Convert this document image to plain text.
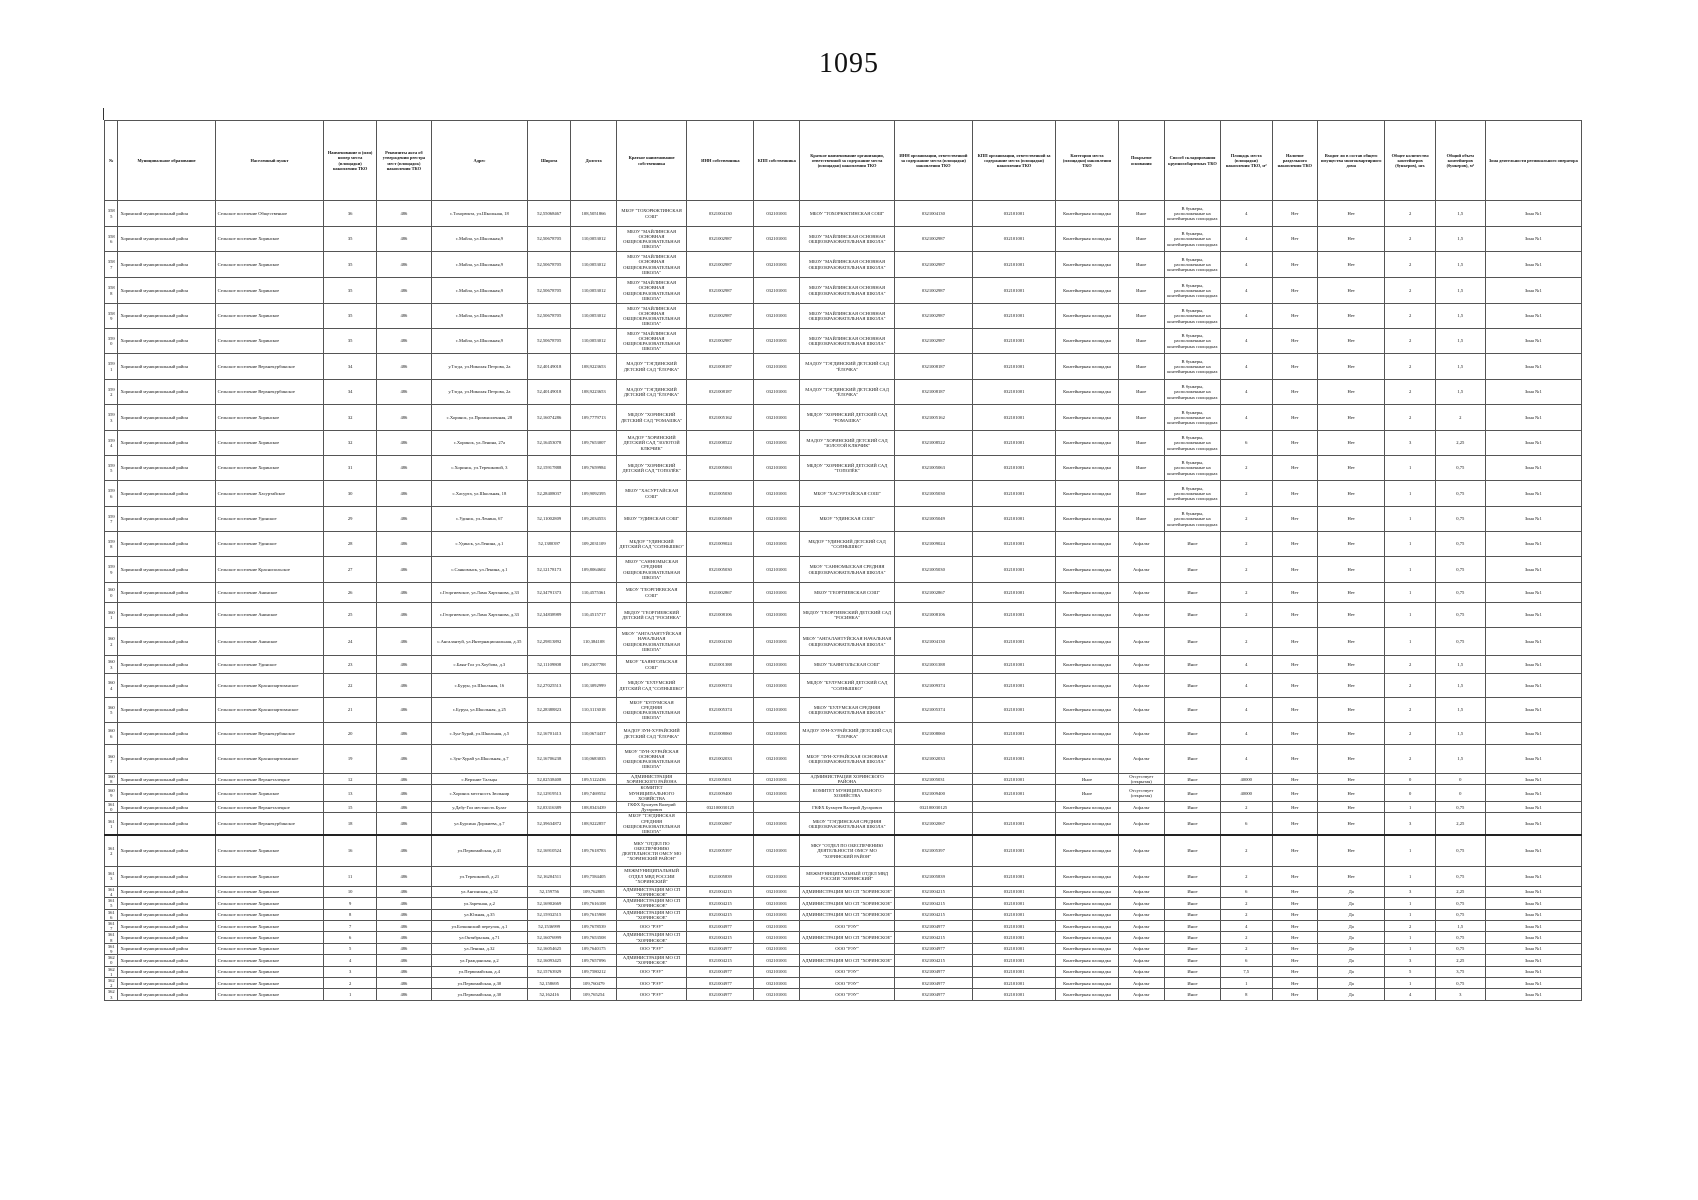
1095
№	Муниципальное образование	Населенный пункт	Наименование и (или) номер места (площадки) накопления ТКО	Реквизиты акта об утверждении реестра мест (площадок) накопления ТКО	Адрес	Широта	Долгота	Краткое наименование собственника	ИНН собственника	КПП собственника	Краткое наименование организации, ответственной за содержание места (площадки) накопления ТКО	ИНН организации, ответственной за содержание места (площадки) накопления ТКО	КПП организации, ответственной за содержание места (площадки) накопления ТКО	Категория места (площадки) накопления ТКО	Покрытие основания	Способ складирования крупногабаритных ТКО	Площадь места (площадки) накопления ТКО, м²	Наличие раздельного накопления ТКО	Входит ли в состав общего имущества многоквартирного дома	Общее количество контейнеров (бункеров), шт.	Общий объем контейнеров (бункеров), м³	Зона деятельности регионального оператора
3585	Хоринский муниципальный район	Сельское поселение Общественное	36	486	с.Тохорюкта, ул.Школьная, 18	52,55068467	108,5051866	МБОУ "ТОХОРЮКТИНСКАЯ СОШ"	0321004130	032101001	МБОУ "ТОХОРЮКТИНСКАЯ СОШ"	0321004130	032101001	Контейнерная площадка	Иное	В бункеры, расположенные на контейнерных площадках	4	Нет	Нет	2	1,5	Зона №1
3586	Хоринский муниципальный район	Сельское поселение Хоринское	35	486	с.Майла, ул.Школьная,9	52,50678705	110,0053012	МБОУ "МАЙЛИНСКАЯ ОСНОВНАЯ ОБЩЕОБРАЗОВАТЕЛЬНАЯ ШКОЛА"	0321002987	032101001	МБОУ "МАЙЛИНСКАЯ ОСНОВНАЯ ОБЩЕОБРАЗОВАТЕЛЬНАЯ ШКОЛА"	0321002987	032101001	Контейнерная площадка	Иное	В бункеры, расположенные на контейнерных площадках	4	Нет	Нет	2	1,5	Зона №1
3587	Хоринский муниципальный район	Сельское поселение Хоринское	35	486	с.Майла, ул.Школьная,9	52,50678705	110,0053012	МБОУ "МАЙЛИНСКАЯ ОСНОВНАЯ ОБЩЕОБРАЗОВАТЕЛЬНАЯ ШКОЛА"	0321002987	032101001	МБОУ "МАЙЛИНСКАЯ ОСНОВНАЯ ОБЩЕОБРАЗОВАТЕЛЬНАЯ ШКОЛА"	0321002987	032101001	Контейнерная площадка	Иное	В бункеры, расположенные на контейнерных площадках	4	Нет	Нет	2	1,5	Зона №1
3588	Хоринский муниципальный район	Сельское поселение Хоринское	35	486	с.Майла, ул.Школьная,9	52,50678705	110,0053012	МБОУ "МАЙЛИНСКАЯ ОСНОВНАЯ ОБЩЕОБРАЗОВАТЕЛЬНАЯ ШКОЛА"	0321002987	032101001	МБОУ "МАЙЛИНСКАЯ ОСНОВНАЯ ОБЩЕОБРАЗОВАТЕЛЬНАЯ ШКОЛА"	0321002987	032101001	Контейнерная площадка	Иное	В бункеры, расположенные на контейнерных площадках	4	Нет	Нет	2	1,5	Зона №1
3589	Хоринский муниципальный район	Сельское поселение Хоринское	35	486	с.Майла, ул.Школьная,9	52,50678705	110,0053012	МБОУ "МАЙЛИНСКАЯ ОСНОВНАЯ ОБЩЕОБРАЗОВАТЕЛЬНАЯ ШКОЛА"	0321002987	032101001	МБОУ "МАЙЛИНСКАЯ ОСНОВНАЯ ОБЩЕОБРАЗОВАТЕЛЬНАЯ ШКОЛА"	0321002987	032101001	Контейнерная площадка	Иное	В бункеры, расположенные на контейнерных площадках	4	Нет	Нет	2	1,5	Зона №1
3590	Хоринский муниципальный район	Сельское поселение Хоринское	35	486	с.Майла, ул.Школьная,9	52,50678705	110,0053012	МБОУ "МАЙЛИНСКАЯ ОСНОВНАЯ ОБЩЕОБРАЗОВАТЕЛЬНАЯ ШКОЛА"	0321002987	032101001	МБОУ "МАЙЛИНСКАЯ ОСНОВНАЯ ОБЩЕОБРАЗОВАТЕЛЬНАЯ ШКОЛА"	0321002987	032101001	Контейнерная площадка	Иное	В бункеры, расположенные на контейнерных площадках	4	Нет	Нет	2	1,5	Зона №1
3591	Хоринский муниципальный район	Сельское поселение Верхнекурбинское	34	486	у.Тэгда, ул.Николая Петрова, 2а	52,40149018	108,9223653	МАДОУ "ТЭГДИНСКИЙ ДЕТСКИЙ САД "ЁЛОЧКА"	0321008187	032101001	МАДОУ "ТЭГДИНСКИЙ ДЕТСКИЙ САД "ЁЛОЧКА"	0321008187	032101001	Контейнерная площадка	Иное	В бункеры, расположенные на контейнерных площадках	4	Нет	Нет	2	1,5	Зона №1
3592	Хоринский муниципальный район	Сельское поселение Верхнекурбинское	34	486	у.Тэгда, ул.Николая Петрова, 2а	52,40149018	108,9223653	МАДОУ "ТЭГДИНСКИЙ ДЕТСКИЙ САД "ЁЛОЧКА"	0321008187	032101001	МАДОУ "ТЭГДИНСКИЙ ДЕТСКИЙ САД "ЁЛОЧКА"	0321008187	032101001	Контейнерная площадка	Иное	В бункеры, расположенные на контейнерных площадках	4	Нет	Нет	2	1,5	Зона №1
3593	Хоринский муниципальный район	Сельское поселение Хоринское	32	486	с.Хоринск, ул.Промышленная, 28	52,16074286	109,7779713	МБДОУ "ХОРИНСКИЙ ДЕТСКИЙ САД "РОМАШКА"	0321005162	032101001	МБДОУ "ХОРИНСКИЙ ДЕТСКИЙ САД "РОМАШКА"	0321005162	032101001	Контейнерная площадка	Иное	В бункеры, расположенные на контейнерных площадках	4	Нет	Нет	2	2	Зона №1
3594	Хоринский муниципальный район	Сельское поселение Хоринское	32	486	с.Хоринск, ул.Ленина, 27а	52,16453078	109,7653007	МАДОУ "ХОРИНСКИЙ ДЕТСКИЙ САД "ЗОЛОТОЙ КЛЮЧИК"	0321008522	032101001	МАДОУ "ХОРИНСКИЙ ДЕТСКИЙ САД "ЗОЛОТОЙ КЛЮЧИК"	0321008522	032101001	Контейнерная площадка	Иное	В бункеры, расположенные на контейнерных площадках	6	Нет	Нет	3	2,25	Зона №1
3595	Хоринский муниципальный район	Сельское поселение Хоринское	31	486	с.Хоринск, ул.Терешковой, 3	52,15917888	109,7659984	МБДОУ "ХОРИНСКИЙ ДЕТСКИЙ САД "ТОПОЛЁК"	0321005063	032101001	МБДОУ "ХОРИНСКИЙ ДЕТСКИЙ САД "ТОПОЛЁК"	0321005063	032101001	Контейнерная площадка	Иное	В бункеры, расположенные на контейнерных площадках	2	Нет	Нет	1	0,75	Зона №1
3596	Хоринский муниципальный район	Сельское поселение Хасуртайское	30	486	с.Хасурта, ул.Школьная, 18	52,28408037	109,9092395	МБОУ "ХАСУРТАЙСКАЯ СОШ"	0321005030	032101001	МБОУ "ХАСУРТАЙСКАЯ СОШ"	0321005030	032101001	Контейнерная площадка	Иное	В бункеры, расположенные на контейнерных площадках	2	Нет	Нет	1	0,75	Зона №1
3597	Хоринский муниципальный район	Сельское поселение Удинское	29	486	с.Удинск, ул.Ленина, 67	52,11002809	109,2034553	МБОУ "УДИНСКАЯ СОШ"	0321005049	032101001	МБОУ "УДИНСКАЯ СОШ"	0321005049	032101001	Контейнерная площадка	Иное	В бункеры, расположенные на контейнерных площадках	2	Нет	Нет	1	0,75	Зона №1
3598	Хоринский муниципальный район	Сельское поселение Удинское	28	486	с.Удинск, ул.Ленина, д.1	52,1380397	109,2031109	МБДОУ "УДИНСКИЙ ДЕТСКИЙ САД "СОЛНЫШКО"	0321009024	032101001	МБДОУ "УДИНСКИЙ ДЕТСКИЙ САД "СОЛНЫШКО"	0321009024	032101001	Контейнерная площадка	Асфальт	Иное	2	Нет	Нет	1	0,75	Зона №1
3599	Хоринский муниципальный район	Сельское поселение Краснопольское	27	486	с.Санномыск, ул.Ленина, д.1	52,12178173	109,8064602	МБОУ "САННОМЫСКАЯ СРЕДНЯЯ ОБЩЕОБРАЗОВАТЕЛЬНАЯ ШКОЛА"	0321005030	032101001	МБОУ "САННОМЫСКАЯ СРЕДНЯЯ ОБЩЕОБРАЗОВАТЕЛЬНАЯ ШКОЛА"	0321005030	032101001	Контейнерная площадка	Асфальт	Иное	2	Нет	Нет	1	0,75	Зона №1
3600	Хоринский муниципальный район	Сельское поселение Анинское	26	486	с.Георгиевское, ул.Лама Хартанова, д.33	52,34791373	110,4575361	МБОУ "ГЕОРГИЕВСКАЯ СОШ"	0321002867	032101001	МБОУ "ГЕОРГИЕВСКАЯ СОШ"	0321002867	032101001	Контейнерная площадка	Асфальт	Иное	2	Нет	Нет	1	0,75	Зона №1
3601	Хоринский муниципальный район	Сельское поселение Анинское	25	486	с.Георгиевское, ул.Лама Хартанова, д.33	52,34838989	110,4515717	МБДОУ "ГЕОРГИЕВСКИЙ ДЕТСКИЙ САД "РОСИНКА"	0321008106	032101001	МБДОУ "ГЕОРГИЕВСКИЙ ДЕТСКИЙ САД "РОСИНКА"	0321008106	032101001	Контейнерная площадка	Асфальт	Иное	2	Нет	Нет	1	0,75	Зона №1
3602	Хоринский муниципальный район	Сельское поселение Анинское	24	486	с.Ангалантуй, ул.Интернациональная, д.35	52,29813892	110,384108	МБОУ "АНГАЛАНТУЙСКАЯ НАЧАЛЬНАЯ ОБЩЕОБРАЗОВАТЕЛЬНАЯ ШКОЛА"	0321004130	032101001	МБОУ "АНГАЛАНТУЙСКАЯ НАЧАЛЬНАЯ ОБЩЕОБРАЗОВАТЕЛЬНАЯ ШКОЛА"	0321004130	032101001	Контейнерная площадка	Асфальт	Иное	2	Нет	Нет	1	0,75	Зона №1
3603	Хоринский муниципальный район	Сельское поселение Удинское	23	486	с.Баян-Гол ул.Хоубова, д.3	52,11109808	109,2307788	МБОУ "БАЯНГОЛЬСКАЯ СОШ"	0321001388	032101001	МБОУ "БАЯНГОЛЬСКАЯ СОШ"	0321001388	032101001	Контейнерная площадка	Асфальт	Иное	4	Нет	Нет	2	1,5	Зона №1
3604	Хоринский муниципальный район	Сельское поселение Краснопартизанское	22	486	с.Бурун, ул.Школьная, 16	52,27025513	110,3092999	МБДОУ "БУЛУМСКИЙ ДЕТСКИЙ САД "СОЛНЫШКО"	0321009374	032101001	МБДОУ "БУЛУМСКИЙ ДЕТСКИЙ САД "СОЛНЫШКО"	0321009374	032101001	Контейнерная площадка	Асфальт	Иное	4	Нет	Нет	2	1,5	Зона №1
3605	Хоринский муниципальный район	Сельское поселение Краснопартизанское	21	486	с.Бурун, ул.Школьная, д.25	52,28388823	110,3113018	МБОУ "БУЛУМСКАЯ СРЕДНЯЯ ОБЩЕОБРАЗОВАТЕЛЬНАЯ ШКОЛА"	0321005374	032101001	МБОУ "БУЛУМСКАЯ СРЕДНЯЯ ОБЩЕОБРАЗОВАТЕЛЬНАЯ ШКОЛА"	0321005374	032101001	Контейнерная площадка	Асфальт	Иное	4	Нет	Нет	2	1,5	Зона №1
3606	Хоринский муниципальный район	Сельское поселение Верхнекурбинское	20	486	с.Зун-Хурай, ул.Школьная, д.5	52,16701413	110,0674437	МАДОУ ЗУН-ХУРАЙСКИЙ ДЕТСКИЙ САД "ЁЛОЧКА"	0321008060	032101001	МАДОУ ЗУН-ХУРАЙСКИЙ ДЕТСКИЙ САД "ЁЛОЧКА"	0321008060	032101001	Контейнерная площадка	Асфальт	Иное	4	Нет	Нет	2	1,5	Зона №1
3607	Хоринский муниципальный район	Сельское поселение Краснопартизанское	19	486	с.Зун-Хурай ул.Школьная, д.7	52,16706238	110,0683035	МБОУ "ЗУН-ХУРАЙСКАЯ ОСНОВНАЯ ОБЩЕОБРАЗОВАТЕЛЬНАЯ ШКОЛА"	0321002033	032101001	МБОУ "ЗУН-ХУРАЙСКАЯ ОСНОВНАЯ ОБЩЕОБРАЗОВАТЕЛЬНАЯ ШКОЛА"	0321002033	032101001	Контейнерная площадка	Асфальт	Иное	4	Нет	Нет	2	1,5	Зона №1
3608	Хоринский муниципальный район	Сельское поселение Верхнеталецкое	12	486	с.Верхние Тальцы	52,02538408	109,5122436	АДМИНИСТРАЦИЯ ХОРИНСКОГО РАЙОНА	0321005031	032101001	АДМИНИСТРАЦИЯ ХОРИНСКОГО РАЙОНА	0321005031	032101001	Иное	Отсутствует (открытая)	Иное	40000	Нет	Нет	0	0	Зона №1
3609	Хоринский муниципальный район	Сельское поселение Хоринское	13	486	с.Хоринск местность Зюльнир	52,12919513	109,7469552	КОМИТЕТ МУНИЦИПАЛЬНОГО ХОЗЯЙСТВА	0321009400	032101001	КОМИТЕТ МУНИЦИПАЛЬНОГО ХОЗЯЙСТВА	0321009400	032101001	Иное	Отсутствует (открытая)	Иное	40000	Нет	Нет	0	0	Зона №1
3610	Хоринский муниципальный район	Сельское поселение Верхнеталецкое	15	486	у.Дабу-Гол местность Булаг	52,03316389	108,8343439	ГКФХ Бухмуев Валерий Дугарович	032100030125		ГКФХ Бухмуев Валерий Дугарович	032100030125		Контейнерная площадка	Асфальт	Иное	2	Нет	Нет	1	0,75	Зона №1
3611	Хоринский муниципальный район	Сельское поселение Верхнекурбинское	18	486	ул.Бурсина Доржиева, д.7	52,39634872	108,9222857	МБОУ "ТЭГДИНСКАЯ СРЕДНЯЯ ОБЩЕОБРАЗОВАТЕЛЬНАЯ ШКОЛА"	0321002067	032101001	МБОУ "ТЭГДИНСКАЯ СРЕДНЯЯ ОБЩЕОБРАЗОВАТЕЛЬНАЯ ШКОЛА"	0321002067	032101001	Контейнерная площадка	Асфальт	Иное	6	Нет	Нет	3	2,25	Зона №1
3612	Хоринский муниципальный район	Сельское поселение Хоринское	16	486	ул.Первомайская, д.41	52,16910524	109,7618783	МКУ "ОТДЕЛ ПО ОБЕСПЕЧЕНИЮ ДЕЯТЕЛЬНОСТИ ОМСУ МО "ХОРИНСКИЙ РАЙОН"	0321005397	032101001	МКУ "ОТДЕЛ ПО ОБЕСПЕЧЕНИЮ ДЕЯТЕЛЬНОСТИ ОМСУ МО "ХОРИНСКИЙ РАЙОН"	0321005397	032101001	Контейнерная площадка	Асфальт	Иное	2	Нет	Нет	1	0,75	Зона №1
3613	Хоринский муниципальный район	Сельское поселение Хоринское	11	486	ул.Терешковой, д.21	52,16204511	109,7584405	МЕЖМУНИЦИПАЛЬНЫЙ ОТДЕЛ МВД РОССИИ "ХОРИНСКИЙ"	0321005839	032101001	МЕЖМУНИЦИПАЛЬНЫЙ ОТДЕЛ МВД РОССИИ "ХОРИНСКИЙ"	0321005839	032101001	Контейнерная площадка	Асфальт	Иное	2	Нет	Нет	1	0,75	Зона №1
3614	Хоринский муниципальный район	Сельское поселение Хоринское	10	486	ул.Ангинская, д.32	52,159756	109,762805	АДМИНИСТРАЦИЯ МО СП "ХОРИНСКОЕ"	0321004215	032101001	АДМИНИСТРАЦИЯ МО СП "ХОРИНСКОЕ"	0321004215	032101001	Контейнерная площадка	Асфальт	Иное	6	Нет	Да	3	2,25	Зона №1
3615	Хоринский муниципальный район	Сельское поселение Хоринское	9	486	ул.Заречная, д.2	52,16902669	109,7616108	АДМИНИСТРАЦИЯ МО СП "ХОРИНСКОЕ"	0321004215	032101001	АДМИНИСТРАЦИЯ МО СП "ХОРИНСКОЕ"	0321004215	032101001	Контейнерная площадка	Асфальт	Иное	2	Нет	Да	1	0,75	Зона №1
3616	Хоринский муниципальный район	Сельское поселение Хоринское	8	486	ул.Южная, д.35	52,15932515	109,7615908	АДМИНИСТРАЦИЯ МО СП "ХОРИНСКОЕ"	0321004215	032101001	АДМИНИСТРАЦИЯ МО СП "ХОРИНСКОЕ"	0321004215	032101001	Контейнерная площадка	Асфальт	Иное	2	Нет	Да	1	0,75	Зона №1
3617	Хоринский муниципальный район	Сельское поселение Хоринское	7	486	ул.Бочкинский переулок, д.1	52,1536999	109,7678539	ООО "РЭУ"	0321004977	032101001	ООО "РЭУ"	0321004977	032101001	Контейнерная площадка	Асфальт	Иное	4	Нет	Да	2	1,5	Зона №1
3618	Хоринский муниципальный район	Сельское поселение Хоринское	6	486	ул.Октябрьская, д.71	52,16076999	109,7653508	АДМИНИСТРАЦИЯ МО СП "ХОРИНСКОЕ"	0321004215	032101001	АДМИНИСТРАЦИЯ МО СП "ХОРИНСКОЕ"	0321004215	032101001	Контейнерная площадка	Асфальт	Иное	2	Нет	Да	1	0,75	Зона №1
3619	Хоринский муниципальный район	Сельское поселение Хоринское	5	486	ул.Ленина, д.32	52,16054625	109,7640175	ООО "РЭУ"	0321004977	032101001	ООО "РЭУ"	0321004977	032101001	Контейнерная площадка	Асфальт	Иное	2	Нет	Да	1	0,75	Зона №1
3620	Хоринский муниципальный район	Сельское поселение Хоринское	4	486	ул.Гражданская, д.2	52,16093425	109,7657096	АДМИНИСТРАЦИЯ МО СП "ХОРИНСКОЕ"	0321004215	032101001	АДМИНИСТРАЦИЯ МО СП "ХОРИНСКОЕ"	0321004215	032101001	Контейнерная площадка	Асфальт	Иное	6	Нет	Да	3	2,25	Зона №1
3621	Хоринский муниципальный район	Сельское поселение Хоринское	3	486	ул.Первомайская, д.4	52,15763929	109,7580212	ООО "РЭУ"	0321004977	032101001	ООО "РЭУ"	0321004977	032101001	Контейнерная площадка	Асфальт	Иное	7,5	Нет	Да	5	3,75	Зона №1
3622	Хоринский муниципальный район	Сельское поселение Хоринское	2	486	ул.Первомайская, д.30	52,158695	109,760479	ООО "РЭУ"	0321004977	032101001	ООО "РЭУ"	0321004977	032101001	Контейнерная площадка	Асфальт	Иное	1	Нет	Да	1	0,75	Зона №1
3623	Хоринский муниципальный район	Сельское поселение Хоринское	1	486	ул.Первомайская, д.30	52,162416	109,765254	ООО "РЭУ"	0321004977	032101001	ООО "РЭУ"	0321004977	032101001	Контейнерная площадка	Асфальт	Иное	8	Нет	Да	4	3	Зона №1
